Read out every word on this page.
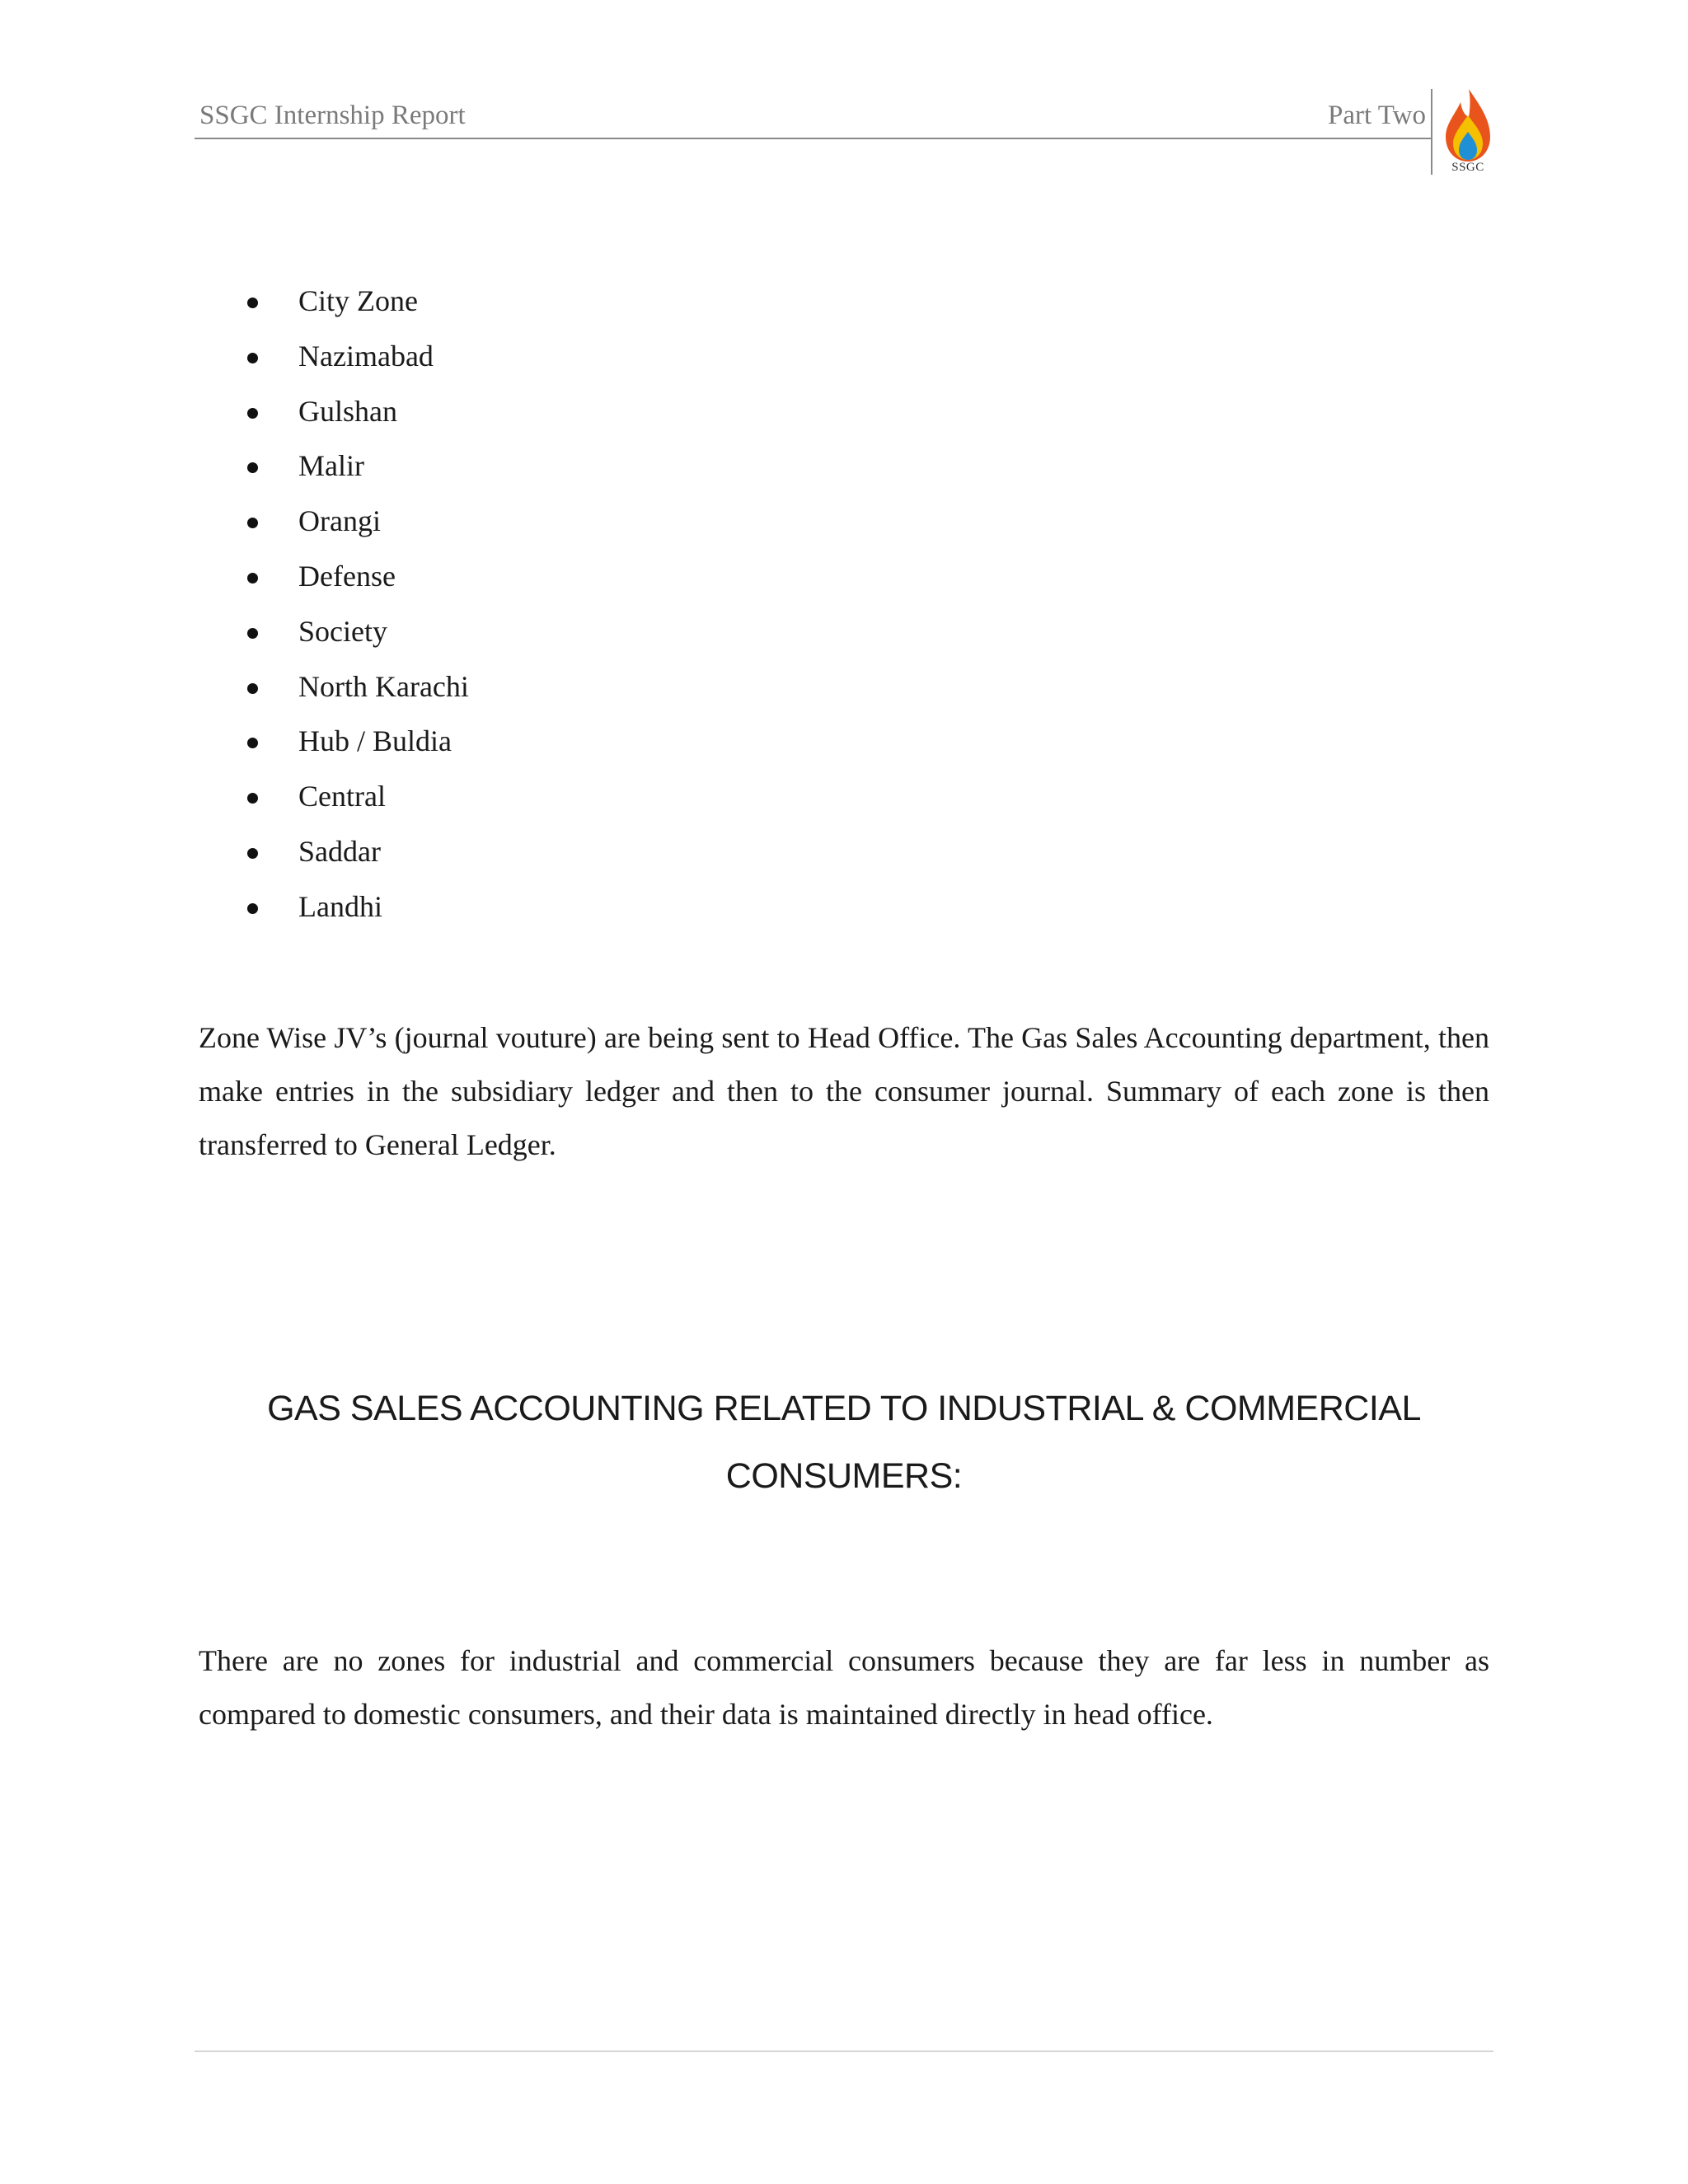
SSGC Internship Report	Part Two
SSGC
City Zone
Nazimabad
Gulshan
Malir
Orangi
Defense
Society
North Karachi
Hub / Buldia
Central
Saddar
Landhi

Zone Wise JV’s (journal vouture) are being sent to Head Office. The Gas Sales Accounting department, then make entries in the subsidiary ledger and then to the consumer journal. Summary of each zone is then transferred to General Ledger.

GAS SALES ACCOUNTING RELATED TO INDUSTRIAL & COMMERCIAL CONSUMERS:

There are no zones for industrial and commercial consumers because they are far less in number as compared to domestic consumers, and their data is maintained directly in head office.
